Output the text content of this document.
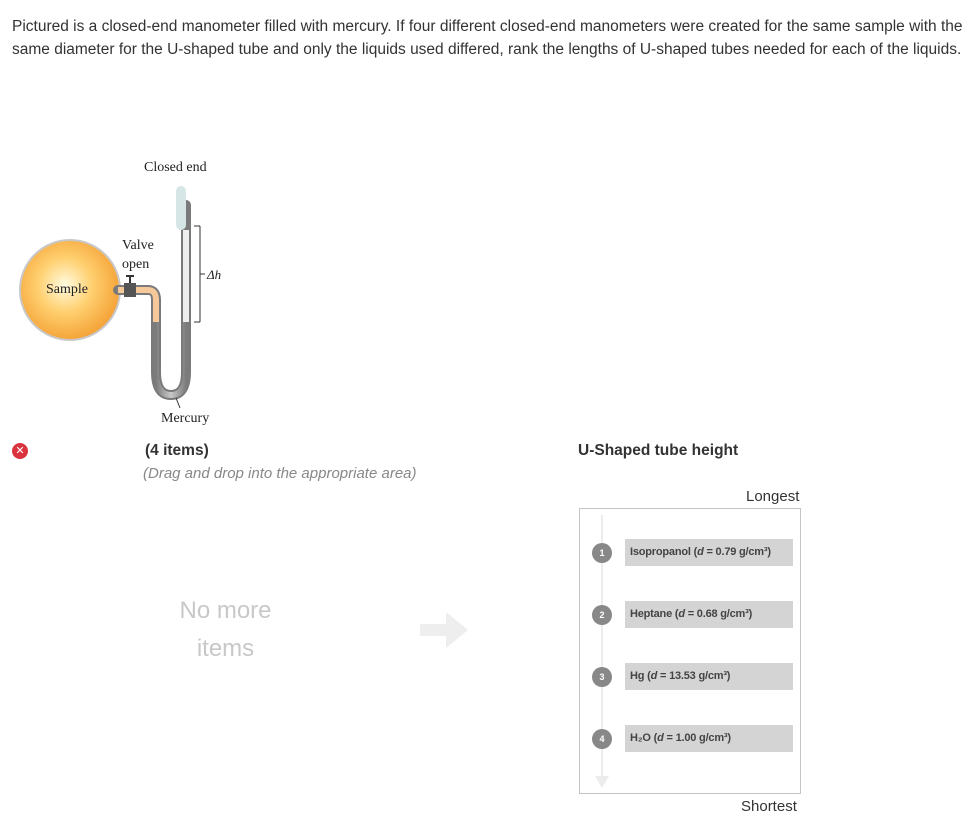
Pictured is a closed-end manometer filled with mercury. If four different closed-end manometers were created for the same sample with the same diameter for the U-shaped tube and only the liquids used differed, rank the lengths of U-shaped tubes needed for each of the liquids.
Sample
Closed end
Valve
open
Δh
Mercury
✕	(4 items)
(Drag and drop into the appropriate area)
No more
items
U-Shaped tube height
Longest
1	Isopropanol (d = 0.79 g/cm³)
2	Heptane (d = 0.68 g/cm³)
3	Hg (d = 13.53 g/cm³)
4	H₂O (d = 1.00 g/cm³)
Shortest
